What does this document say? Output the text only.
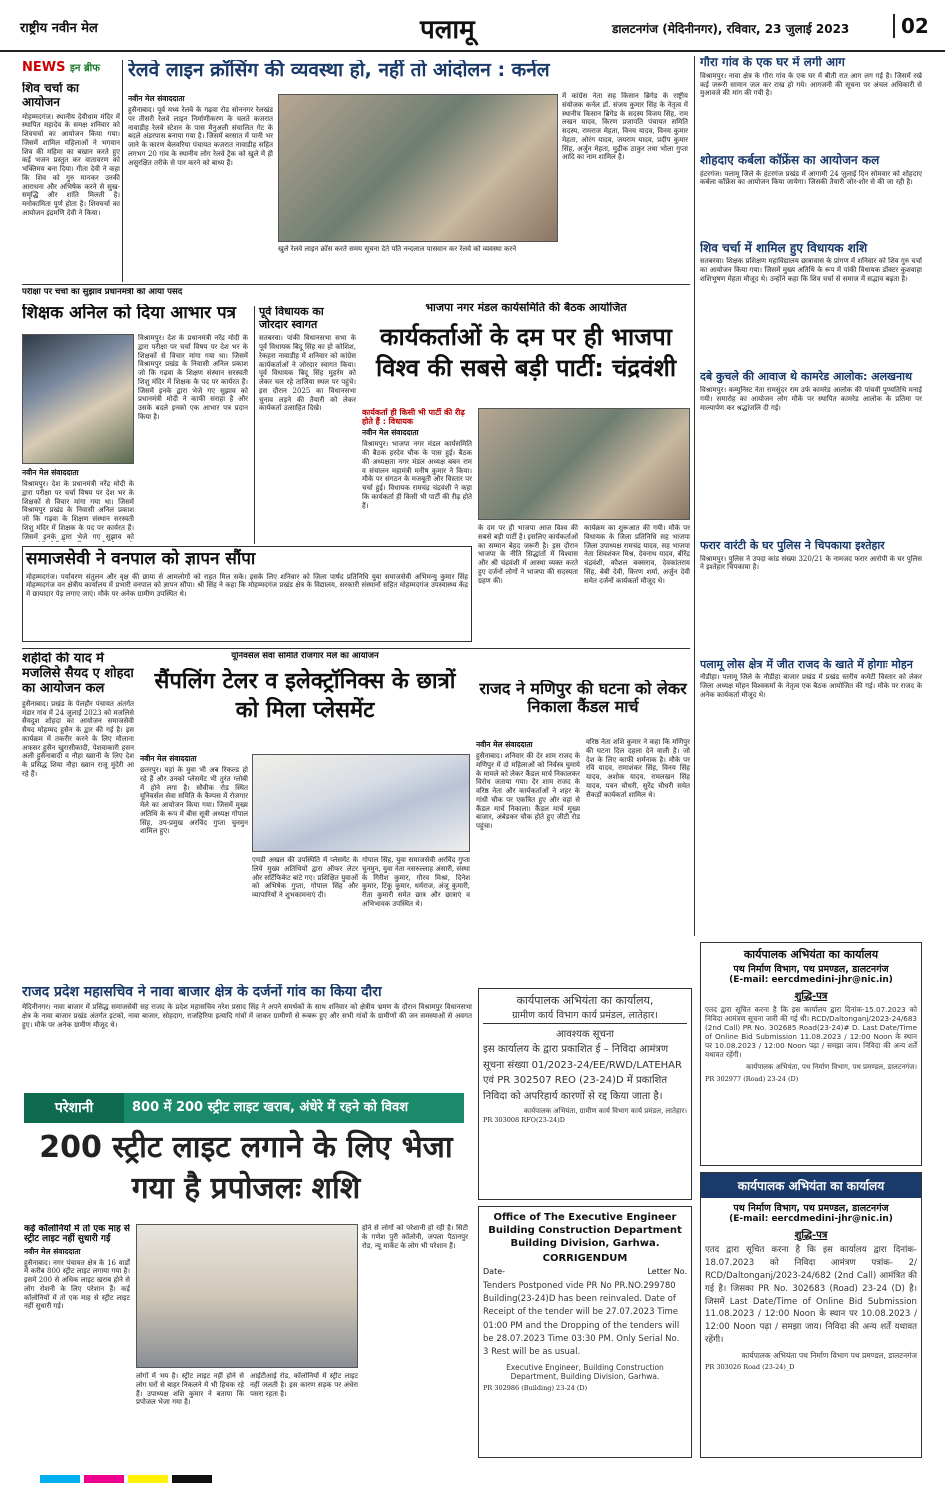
राष्ट्रीय नवीन मेल	पलामू	डालटनगंज (मेदिनीनगर), रविवार, 23 जुलाई 2023	02
NEWS इन ब्रीफ
शिव चर्चा का आयोजन
मोहम्मदगंज। स्थानीय देवीधाम मंदिर में स्थापित महादेव के समक्ष शनिवार को शिवचर्चा का आयोजन किया गया। जिसमें शामिल महिलाओं ने भगवान शिव की महिमा का बखान करते हुए कई भजन प्रस्तुत कर वातावरण को भक्तिमय बना दिया। गीता देवी ने कहा कि शिव को गुरु मानकर उनकी आराधना और अभिषेक करने से सुख-समृद्धि और शांति मिलती है। मनोकामिता पूर्ण होता है। शिवचर्चा का आयोजन इंद्रमणि देवी ने किया।
रेलवे लाइन क्रॉसिंग की व्यवस्था हो, नहीं तो आंदोलन : कर्नल
नवीन मेल संवाददाता
हुसैनाबाद। पूर्व मध्य रेलवे के गढ़वा रोड सोननगर रेलखंड पर तीसरी रेलवे लाइन निर्माणीकरण के चलते कजरात नावाडीह रेलवे स्टेशन के पास मैनुअली संचालित गेट के बदले अंडरपास बनाया गया है। जिसमें बरसात में पानी भर जाने के कारण बेलवरिया पंचायत कजरात नावाडीह सहित लगभग 20 गांव के स्थानीय लोग रेलवे ट्रैक को खुले में ही असुरक्षित तरीके से पार करने को बाध्य हैं।
खुले रेलवे लाइन क्रॉस करते समय सूचना देते पति नन्दलाल पासवान कर रेलवे को व्यवस्था करने
में कांग्रेस नेता सह किसान ब्रिगेड के राष्ट्रीय संयोजक कर्नल डॉ. संजय कुमार सिंह के नेतृत्व में स्थानीय किसान ब्रिगेड के सदस्य विजय सिंह, राम लखन यादव, किरण प्रजापति पंचायत समिति सदस्य, रामराज मेहता, विनय यादव, विनय कुमार मेहता, ओरंग यादव, जयराम यादव, प्रदीप कुमार सिंह, अर्जुन मेहता, मुद्रीक ठाकुर तथा भोला गुप्ता आदि का नाम शामिल है।
गौरा गांव के एक घर में लगी आग
विश्रामपुर। नावा क्षेत्र के गौरा गांव के एक घर में बीती रात आग लग गई है। जिसमें रखे कई जरूरी सामान जल कर राख हो गये। आगजनी की सूचना पर अंचल अधिकारी से मुआवजे की मांग की गयी है।
शोहदाए कर्बला कॉफ्रेंस का आयोजन कल
हंटरगंज। पलामू जिले के हंटरगंज प्रखंड में आगामी 24 जुलाई दिन सोमवार को शोहदाए कर्बला कॉफ्रेंस का आयोजन किया जायेगा। जिसकी तैयारी जोर-शोर से की जा रही है।
शिव चर्चा में शामिल हुए विधायक शशि
सतबरवा। शिक्षक प्रशिक्षण महाविद्यालय छात्रावास के प्रांगण में शनिवार को शिव गुरु चर्चा का आयोजन किया गया। जिसमें मुख्य अतिथि के रूप में पांकी विधायक डॉक्टर कुशवाहा शशिभूषण मेहता मौजूद थे। उन्होंने कहा कि शिव चर्चा से समाज में सद्भाव बढ़ता है।
दबे कुचले की आवाज थे कामरेड आलोक: अलखनाथ
विश्रामपुर। कम्युनिस्ट नेता रामसुंदर राम उर्फ कामरेड आलोक की पांचवीं पुण्यतिथि मनाई गयी। समारोह का आयोजन लोग मौके पर स्थापित कामरेड आलोक के प्रतिमा पर माल्यार्पण कर श्रद्धांजलि दी गई।
फरार वारंटी के घर पुलिस ने चिपकाया इश्तेहार
विश्रामपुर। पुलिस ने उपदा कांड संख्या 320/21 के नामजद फरार आरोपी के घर पुलिस ने इश्तेहार चिपकाया है।
पलामू लोस क्षेत्र में जीत राजद के खाते में होगाः मोहन
नौडीहा। पलामू जिले के नौडीहा बाजार प्रखंड में प्रखंड स्तरीय कमेटी विस्तार को लेकर जिला अध्यक्ष मोहन विश्वकर्मा के नेतृत्व एक बैठक आयोजित की गई। मौके पर राजद के अनेक कार्यकर्ता मौजूद थे।
परीक्षा पर चर्चा का सुझाव प्रधानमंत्री को आया पसंद
शिक्षक अनिल को दिया आभार पत्र
नवीन मेल संवाददाता
विश्रामपुर। देश के प्रधानमंत्री नरेंद्र मोदी के द्वारा परीक्षा पर चर्चा विषय पर देश भर के शिक्षकों से विचार मांगा गया था। जिसमें विश्रामपुर प्रखंड के निवासी अनिल प्रकाश जो कि गढ़वा के शिक्षण संस्थान सरस्वती शिशु मंदिर में शिक्षक के पद पर कार्यरत हैं। जिसमें इनके द्वारा भेजे गए सुझाव को
विश्रामपुर। देश के प्रधानमंत्री नरेंद्र मोदी के द्वारा परीक्षा पर चर्चा विषय पर देश भर के शिक्षकों से विचार मांगा गया था। जिसमें विश्रामपुर प्रखंड के निवासी अनिल प्रकाश जो कि गढ़वा के शिक्षण संस्थान सरस्वती शिशु मंदिर में शिक्षक के पद पर कार्यरत हैं। जिसमें इनके द्वारा भेजे गए सुझाव को प्रधानमंत्री मोदी ने काफी सराहा है और उसके बदले इनको एक आभार पत्र प्रदान किया है।
पूर्व विधायक का जोरदार स्वागत
सतबरवा। पांकी विधानसभा सभा के पूर्व विधायक बिदू सिंह का हो कोशिश, रेकहरा नावाडीह में शनिवार को कांग्रेस कार्यकर्ताओं ने जोरदार स्वागत किया। पूर्व विधायक बिदू सिंह मुहर्रम को लेकर चल रहे ताजिया स्थल पर पहुंचे। इस दौरान 2025 का विधानसभा चुनाव लड़ने की तैयारी को लेकर कार्यकर्ता उत्साहित दिखे।
भाजपा नगर मंडल कार्यसमिति की बैठक आयोजित
कार्यकर्ताओं के दम पर ही भाजपा विश्व की सबसे बड़ी पार्टी: चंद्रवंशी
कार्यकर्ता ही किसी भी पार्टी की रीढ़ होते हैं : विधायक
नवीन मेल संवाददाता
विश्रामपुर। भाजपा नगर मंडल कार्यसमिति की बैठक हरदेव चौक के पास हुई। बैठक की अध्यक्षता नगर मंडल अध्यक्ष बबन राम व संचालन महामंत्री मनीष कुमार ने किया। मौके पर संगठन के मजबूती और विस्तार पर चर्चा हुई। विधायक रामचंद्र चंद्रवंशी ने कहा कि कार्यकर्ता ही किसी भी पार्टी की रीढ़ होते हैं।
के दम पर ही भाजपा आज विश्व की सबसे बड़ी पार्टी है। इसलिए कार्यकर्ताओं का सम्मान बेहद जरूरी है। इस दौरान भाजपा के नीति सिद्धांतों में विश्वास और श्री चंद्रवंशी में आस्था व्यक्त करते हुए दर्जनों लोगों ने भाजपा की सदस्यता ग्रहण की।
कार्यक्रम का शुरूआत की गयी। मौके पर विधायक के जिला प्रतिनिधि सह भाजपा जिला उपाध्यक्ष रामचंद्र यादव, सह भाजपा नेता शिवशंकर मिश्र, देवनाथ यादव, बीरेंद्र चंद्रवंशी, कौशल बक्सराव, देवकांतराय सिंह, बेबी देवी, किरण शर्मा, अर्जुन देवी समेत दर्जनों कार्यकर्ता मौजूद थे।
समाजसेवी ने वनपाल को ज्ञापन सौंपा
मोहम्मदगंज। पर्यावरण संतुलन और वृक्ष की छाया से आमलोगों को राहत मिल सके। इसके लिए शनिवार को जिला पार्षद प्रतिनिधि युवा समाजसेवी अभिमन्यु कुमार सिंह मोहम्मदगंज वन क्षेत्रीय कार्यालय में प्रभारी वनपाल को ज्ञापन सौंपा। श्री सिंह ने कहा कि मोहम्मदगंज प्रखंड क्षेत्र के विद्यालय, सरकारी संस्थानों सहित मोहम्मदगंज उपस्वास्थ्य केंद्र में छायादार पेड़ लगाए जाएं। मौके पर अनेक ग्रामीण उपस्थित थे।
शहीदों की याद में मजलिसे सैयद ए शोहदा का आयोजन कल
हुसैनाबाद। प्रखंड के पेलहौर पंचायत अंतर्गत मंडार गांव में 24 जुलाई 2023 को मजलिसे सैयदुश शोहदा का आयोजन समाजसेवी सैयद मोहम्मद हुसैन के द्वार की गई है। इस कार्यक्रम में तकरीर करने के लिए मौलाना अफसर हुसैन खुरासीकादी, पेशवाकारी हसन अली हुसैनाबादी व नौहा ख्वानी के लिए देश के प्रसिद्ध शिया नौहा ख्वान राजू मुंदेरी आ रहे हैं।
यूनिवर्सल सेवा समिति रोजगार मेले का आयोजन
सैंपलिंग टेलर व इलेक्ट्रॉनिक्स के छात्रों को मिला प्लेसमेंट
नवीन मेल संवाददाता
छतरपुर। यहां के युवा भी अब रिकल्ड हो रहे हैं और उनको प्लेसमेंट भी तुरंत ग्लोबी में होने लगा है। सौवीक रोड स्थित यूनिवर्सल सेवा समिति के कैम्पस में रोजगार मेले का आयोजन किया गया। जिसमें मुख्य अतिथि के रूप में बीस सूत्री अध्यक्ष गोपाल सिंह, उप-प्रमुख अरविंद गुप्ता चुनमुन शामिल हुए।
एमडी अखल की उपस्थिति में प्लेसमेंट के लिये मुख्य अतिथियों द्वारा ऑफर लेटर और सर्टिफिकेट बांटे गए। प्रशिक्षित युवाओं को अभिषेक गुप्ता, गोपाल सिंह और व्यापारियों ने शुभकामनाएं दी।
गोपाल सिंह, युवा समाजसेवी अरविंद गुप्ता चुनमुन, युवा नेता नसरुल्लाह अंसारी, संस्था के गिरीश कुमार, गौरव मिश्रा, दिनेश कुमार, टिंकू कुमार, धर्मराज, अंजू कुमारी, रीता कुमारी समेत छात्र और छात्राएं व अभिभावक उपस्थित थे।
राजद ने मणिपुर की घटना को लेकर निकाला कैंडल मार्च
नवीन मेल संवाददाता
हुसैनाबाद। शनिवार की देर शाम राजद के मणिपुर में दो महिलाओं को निर्वस्त्र घुमाये के मामले को लेकर कैंडल मार्च निकालकर विरोध जताया गया। देर शाम राजद के वरिष्ठ नेता और कार्यकर्ताओं ने शहर के गांधी चौक पर एकत्रित हुए और वहां से कैंडल मार्च निकाला। कैंडल मार्च मुख्य बाजार, अंबेडकर चौक होते हुए जीटी रोड पहुंचा।
वरिष्ठ नेता शशि कुमार ने कहा कि मणिपुर की घटना दिल दहला देने वाली है। जो देश के लिए काफी शर्मनाक है। मौके पर रवि यादव, रामाशंकर सिंह, विनय सिंह यादव, अशोक यादव, रामलखन सिंह यादव, पवन चौधरी, सुरेंद्र चौधरी समेत सैकड़ों कार्यकर्ता शामिल थे।
कार्यपालक अभियंता का कार्यालय
पथ निर्माण विभाग, पथ प्रमण्डल, डालटनगंज
(E-mail: eercdmedini-jhr@nic.in)
शुद्धि-पत्र
एतद द्वारा सूचित करना है कि इस कार्यालय द्वारा दिनांक-15.07.2023 को निविदा आमंत्रण सूचना जारी की गई थी। RCD/Daltonganj/2023-24/683 (2nd Call) PR No. 302685 Road(23-24)# D. Last Date/Time of Online Bid Submission 11.08.2023 / 12:00 Noon के स्थान पर 10.08.2023 / 12:00 Noon पढ़ा / समझा जाय। निविदा की अन्य शर्तें यथावत रहेंगी।
कार्यपालक अभियंता, पथ निर्माण विभाग, पथ प्रमण्डल, डालटनगंज।
PR 302977 (Road) 23-24 (D)
राजद प्रदेश महासचिव ने नावा बाजार क्षेत्र के दर्जनों गांव का किया दौरा
मेदिनीनगर। नावा बाजार में प्रसिद्ध समाजसेवी सह राजद के प्रदेश महासचिव नरेश प्रसाद सिंह ने अपने समर्थकों के साथ शनिवार को क्षेत्रीय भ्रमण के दौरान विश्रामपुर विधानसभा क्षेत्र के नावा बाजार प्रखंड अंतर्गत इटको, नावा बाजार, सोहदाग, राजहिरिया इत्यादि गांवों में जाकर ग्रामीणों से रूबरू हुए और सभी गांवों के ग्रामीणों की जन समस्याओं से अवगत हुए। मौके पर अनेक ग्रामीण मौजूद थे।
कार्यपालक अभियंता का कार्यालय,
ग्रामीण कार्य विभाग कार्य प्रमंडल, लातेहार।
आवश्यक सूचना
इस कार्यालय के द्वारा प्रकाशित ई – निविदा आमंत्रण सूचना संख्या 01/2023-24/EE/RWD/LATEHAR एवं PR 302507 REO (23-24)D में प्रकाशित निविदा को अपरिहार्य कारणों से रद्द किया जाता है।
कार्यपालक अभियंता, ग्रामीण कार्य विभाग कार्य प्रमंडल, लातेहार।
PR 303008 RFO(23-24)D
परेशानी	800 में 200 स्ट्रीट लाइट खराब, अंधेरे में रहने को विवश
200 स्ट्रीट लाइट लगाने के लिए भेजा गया है प्रपोजलः शशि
कई कॉलोनियों में तो एक माह से स्ट्रीट लाइट नहीं सुधारी गई
नवीन मेल संवाददाता
हुसैनाबाद। नगर पंचायत क्षेत्र के 16 वार्डों में करीब 800 स्ट्रीट लाइट लगाया गया है। इसमें 200 से अधिक लाइट खराब होने से लोग रोशनी के लिए परेशान हैं। कई कॉलोनियों में तो एक माह से स्ट्रीट लाइट नहीं सुधारी गई।
लोगों में भय है। स्ट्रीट लाइट नहीं होने से लोग घरों से बाहर निकलने में भी हिचक रहे हैं। उपाध्यक्ष शशि कुमार ने बताया कि प्रपोजल भेजा गया है।
आईटीआई रोड, कॉलोनियों में स्ट्रीट लाइट नहीं जलती है। इस कारण सड़क पर अंधेरा पसरा रहता है।
होने से लोगों को परेशानी हो रही है। सिटी के गणेश पुरी कॉलोनी, जपला पैठानपुर रोड, न्यू मार्केट के लोग भी परेशान हैं।
Office of The Executive Engineer Building Construction Department Building Division, Garhwa.
CORRIGENDUM
Date-	Letter No.
Tenders Postponed vide PR No PR.NO.299780 Building(23-24)D has been reinvaled. Date of Receipt of the tender will be 27.07.2023 Time 01:00 PM and the Dropping of the tenders will be 28.07.2023 Time 03:30 PM. Only Serial No. 3 Rest will be as usual.
Executive Engineer, Building Construction Department, Building Division, Garhwa.
PR 302986 (Building) 23-24 (D)
कार्यपालक अभियंता का कार्यालय
पथ निर्माण विभाग, पथ प्रमण्डल, डालटनगंज
(E-mail: eercdmedini-jhr@nic.in)
शुद्धि-पत्र
एतद द्वारा सूचित करना है कि इस कार्यालय द्वारा दिनांक- 18.07.2023 को निविदा आमंत्रण पत्रांक- 2/ RCD/Daltonganj/2023-24/682 (2nd Call) आमंत्रित की गई है। जिसका PR No. 302683 (Road) 23-24 (D) है। जिसमें Last Date/Time of Online Bid Submission 11.08.2023 / 12:00 Noon के स्थान पर 10.08.2023 / 12:00 Noon पढ़ा / समझा जाय। निविदा की अन्य शर्तें यथावत रहेंगी।
कार्यपालक अभियंता पथ निर्माण विभाग पथ प्रमण्डल, डालटनगंज
PR 303026 Road (23-24)_D
